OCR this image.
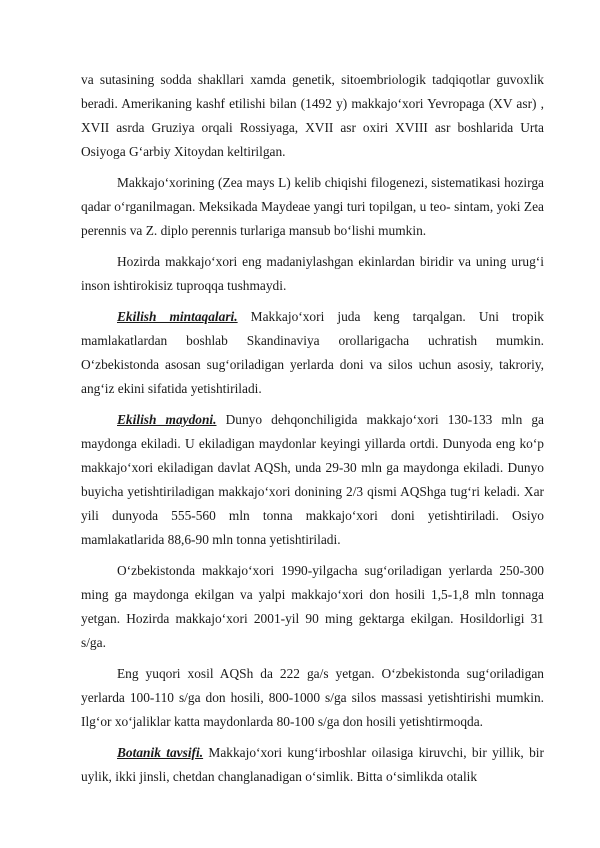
va sutasining sodda shakllari xamda genetik, sitoembriologik tadqiqotlar guvoxlik beradi. Amerikaning kashf etilishi bilan (1492 y) makkajo‘xori Yevropaga (XV asr) , XVII asrda Gruziya orqali Rossiyaga, XVII asr oxiri XVIII asr boshlarida Urta Osiyoga G‘arbiy Xitoydan keltirilgan.

Makkajo‘xorining (Zea mays L) kelib chiqishi filogenezi, sistematikasi hozirga qadar o‘rganilmagan. Meksikada Maydeae yangi turi topilgan, u teo- sintam, yoki Zea perennis va Z. diplo perennis turlariga mansub bo‘lishi mumkin.

Hozirda makkajo‘xori eng madaniylashgan ekinlardan biridir va uning urug‘i inson ishtirokisiz tuproqqa tushmaydi.

Ekilish mintaqalari. Makkajo‘xori juda keng tarqalgan. Uni tropik mamlakatlardan boshlab Skandinaviya orollarigacha uchratish mumkin. O‘zbekistonda asosan sug‘oriladigan yerlarda doni va silos uchun asosiy, takroriy, ang‘iz ekini sifatida yetishtiriladi.

Ekilish maydoni. Dunyo dehqonchiligida makkajo‘xori 130-133 mln ga maydonga ekiladi. U ekiladigan maydonlar keyingi yillarda ortdi. Dunyoda eng ko‘p makkajo‘xori ekiladigan davlat AQSh, unda 29-30 mln ga maydonga ekiladi. Dunyo buyicha yetishtiriladigan makkajo‘xori donining 2/3 qismi AQShga tug‘ri keladi. Xar yili dunyoda 555-560 mln tonna makkajo‘xori doni yetishtiriladi. Osiyo mamlakatlarida 88,6-90 mln tonna yetishtiriladi.

O‘zbekistonda makkajo‘xori 1990-yilgacha sug‘oriladigan yerlarda 250-300 ming ga maydonga ekilgan va yalpi makkajo‘xori don hosili 1,5-1,8 mln tonnaga yetgan. Hozirda makkajo‘xori 2001-yil 90 ming gektarga ekilgan. Hosildorligi 31 s/ga.

Eng yuqori xosil AQSh da 222 ga/s yetgan. O‘zbekistonda sug‘oriladigan yerlarda 100-110 s/ga don hosili, 800-1000 s/ga silos massasi yetishtirishi mumkin. Ilg‘or xo‘jaliklar katta maydonlarda 80-100 s/ga don hosili yetishtirmoqda.

Botanik tavsifi. Makkajo‘xori kung‘irboshlar oilasiga kiruvchi, bir yillik, bir uylik, ikki jinsli, chetdan changlanadigan o‘simlik. Bitta o‘simlikda otalik
